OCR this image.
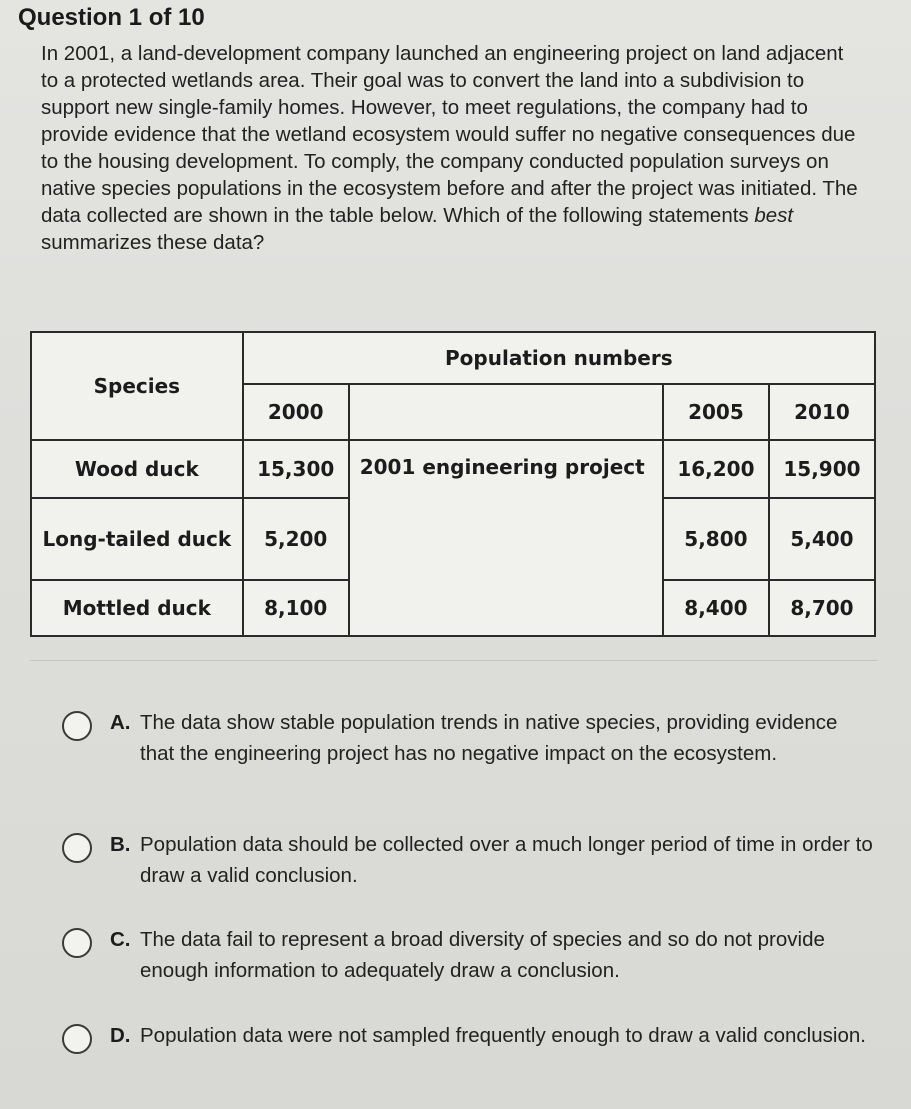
Question 1 of 10
In 2001, a land-development company launched an engineering project on land adjacent to a protected wetlands area. Their goal was to convert the land into a subdivision to support new single-family homes. However, to meet regulations, the company had to provide evidence that the wetland ecosystem would suffer no negative consequences due to the housing development. To comply, the company conducted population surveys on native species populations in the ecosystem before and after the project was initiated. The data collected are shown in the table below. Which of the following statements best summarizes these data?
Species	Population numbers			
	2000		2005	2010
Wood duck	15,300	2001 engineering project	16,200	15,900
Long-tailed duck	5,200		5,800	5,400
Mottled duck	8,100		8,400	8,700
A. The data show stable population trends in native species, providing evidence that the engineering project has no negative impact on the ecosystem.
B. Population data should be collected over a much longer period of time in order to draw a valid conclusion.
C. The data fail to represent a broad diversity of species and so do not provide enough information to adequately draw a conclusion.
D. Population data were not sampled frequently enough to draw a valid conclusion.
